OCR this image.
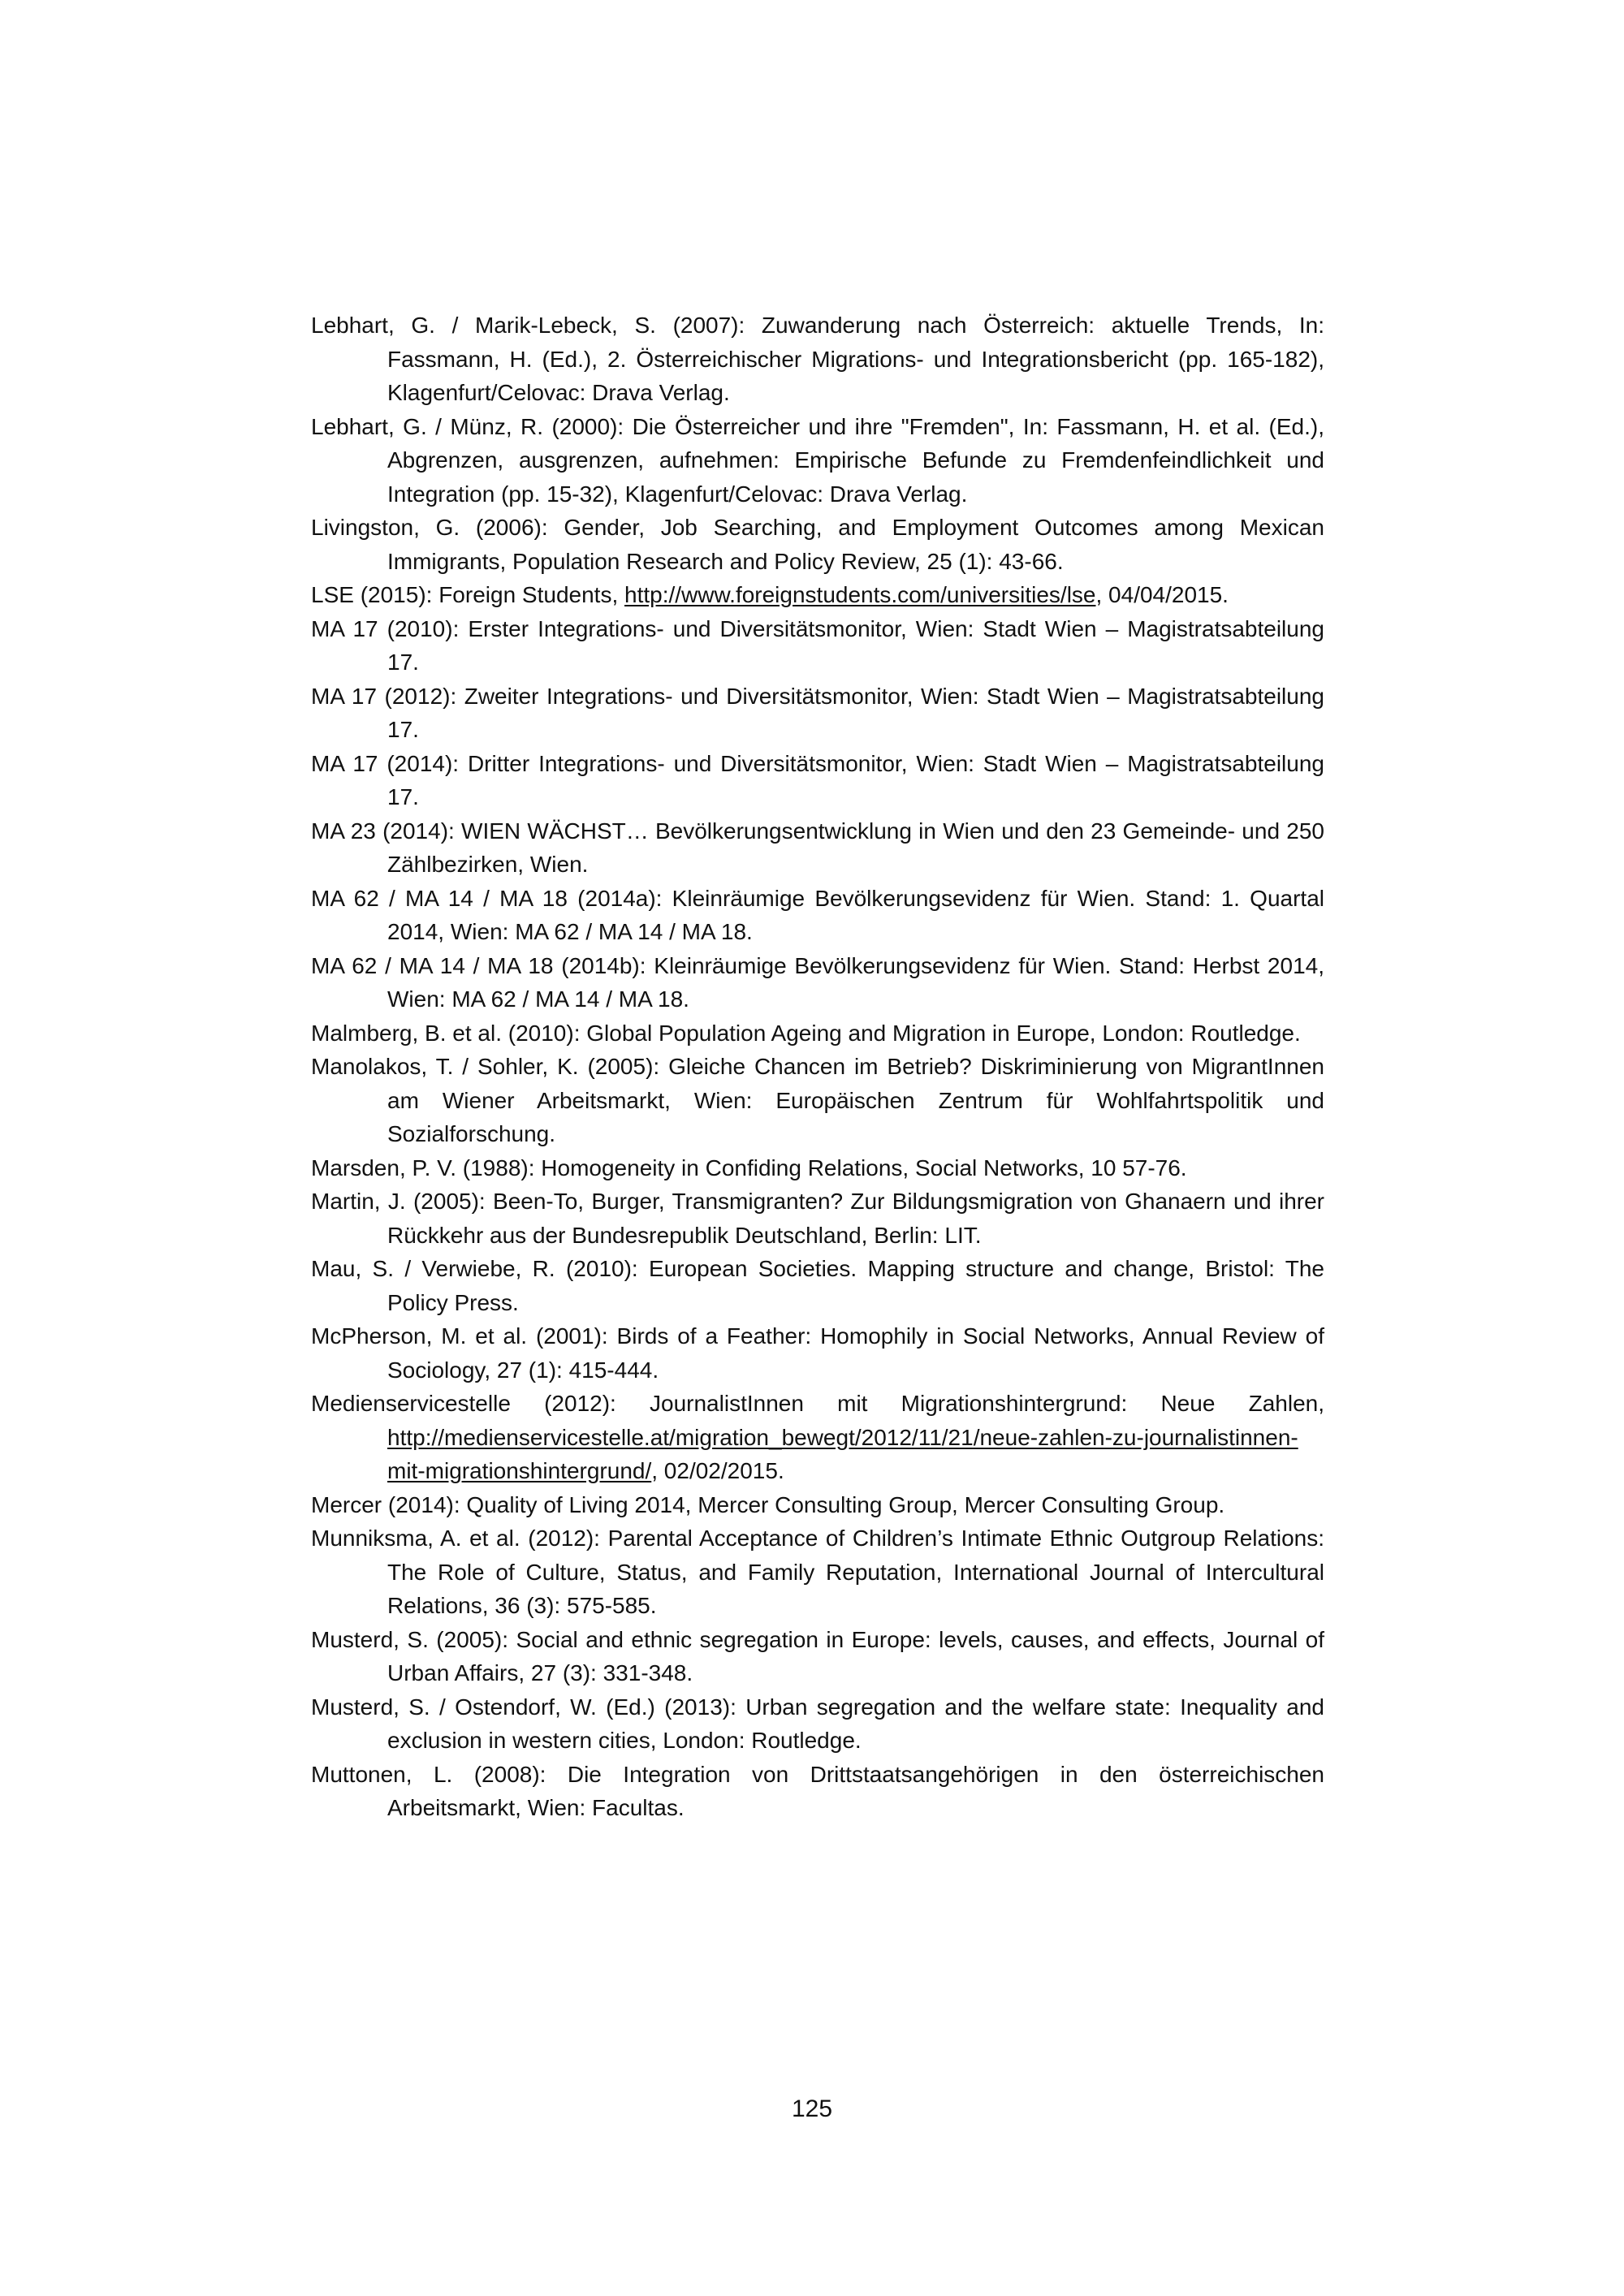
Lebhart, G. / Marik-Lebeck, S. (2007): Zuwanderung nach Österreich: aktuelle Trends, In: Fassmann, H. (Ed.), 2. Österreichischer Migrations- und Integrationsbericht (pp. 165-182), Klagenfurt/Celovac: Drava Verlag.
Lebhart, G. / Münz, R. (2000): Die Österreicher und ihre "Fremden", In: Fassmann, H. et al. (Ed.), Abgrenzen, ausgrenzen, aufnehmen: Empirische Befunde zu Fremdenfeindlichkeit und Integration (pp. 15-32), Klagenfurt/Celovac: Drava Verlag.
Livingston, G. (2006): Gender, Job Searching, and Employment Outcomes among Mexican Immigrants, Population Research and Policy Review, 25 (1): 43-66.
LSE (2015): Foreign Students, http://www.foreignstudents.com/universities/lse, 04/04/2015.
MA 17 (2010): Erster Integrations- und Diversitätsmonitor, Wien: Stadt Wien – Magistratsabteilung 17.
MA 17 (2012): Zweiter Integrations- und Diversitätsmonitor, Wien: Stadt Wien – Magistratsabteilung 17.
MA 17 (2014): Dritter Integrations- und Diversitätsmonitor, Wien: Stadt Wien – Magistratsabteilung 17.
MA 23 (2014): WIEN WÄCHST… Bevölkerungsentwicklung in Wien und den 23 Gemeinde- und 250 Zählbezirken, Wien.
MA 62 / MA 14 / MA 18 (2014a): Kleinräumige Bevölkerungsevidenz für Wien. Stand: 1. Quartal 2014, Wien: MA 62 / MA 14 / MA 18.
MA 62 / MA 14 / MA 18 (2014b): Kleinräumige Bevölkerungsevidenz für Wien. Stand: Herbst 2014, Wien: MA 62 / MA 14 / MA 18.
Malmberg, B. et al. (2010): Global Population Ageing and Migration in Europe, London: Routledge.
Manolakos, T. / Sohler, K. (2005): Gleiche Chancen im Betrieb? Diskriminierung von MigrantInnen am Wiener Arbeitsmarkt, Wien: Europäischen Zentrum für Wohlfahrtspolitik und Sozialforschung.
Marsden, P. V. (1988): Homogeneity in Confiding Relations, Social Networks, 10 57-76.
Martin, J. (2005): Been-To, Burger, Transmigranten? Zur Bildungsmigration von Ghanaern und ihrer Rückkehr aus der Bundesrepublik Deutschland, Berlin: LIT.
Mau, S. / Verwiebe, R. (2010): European Societies. Mapping structure and change, Bristol: The Policy Press.
McPherson, M. et al. (2001): Birds of a Feather: Homophily in Social Networks, Annual Review of Sociology, 27 (1): 415-444.
Medienservicestelle (2012): JournalistInnen mit Migrationshintergrund: Neue Zahlen, http://medienservicestelle.at/migration_bewegt/2012/11/21/neue-zahlen-zu-journalistinnen-mit-migrationshintergrund/, 02/02/2015.
Mercer (2014): Quality of Living 2014, Mercer Consulting Group, Mercer Consulting Group.
Munniksma, A. et al. (2012): Parental Acceptance of Children’s Intimate Ethnic Outgroup Relations: The Role of Culture, Status, and Family Reputation, International Journal of Intercultural Relations, 36 (3): 575-585.
Musterd, S. (2005): Social and ethnic segregation in Europe: levels, causes, and effects, Journal of Urban Affairs, 27 (3): 331-348.
Musterd, S. / Ostendorf, W. (Ed.) (2013): Urban segregation and the welfare state: Inequality and exclusion in western cities, London: Routledge.
Muttonen, L. (2008): Die Integration von Drittstaatsangehörigen in den österreichischen Arbeitsmarkt, Wien: Facultas.
125
